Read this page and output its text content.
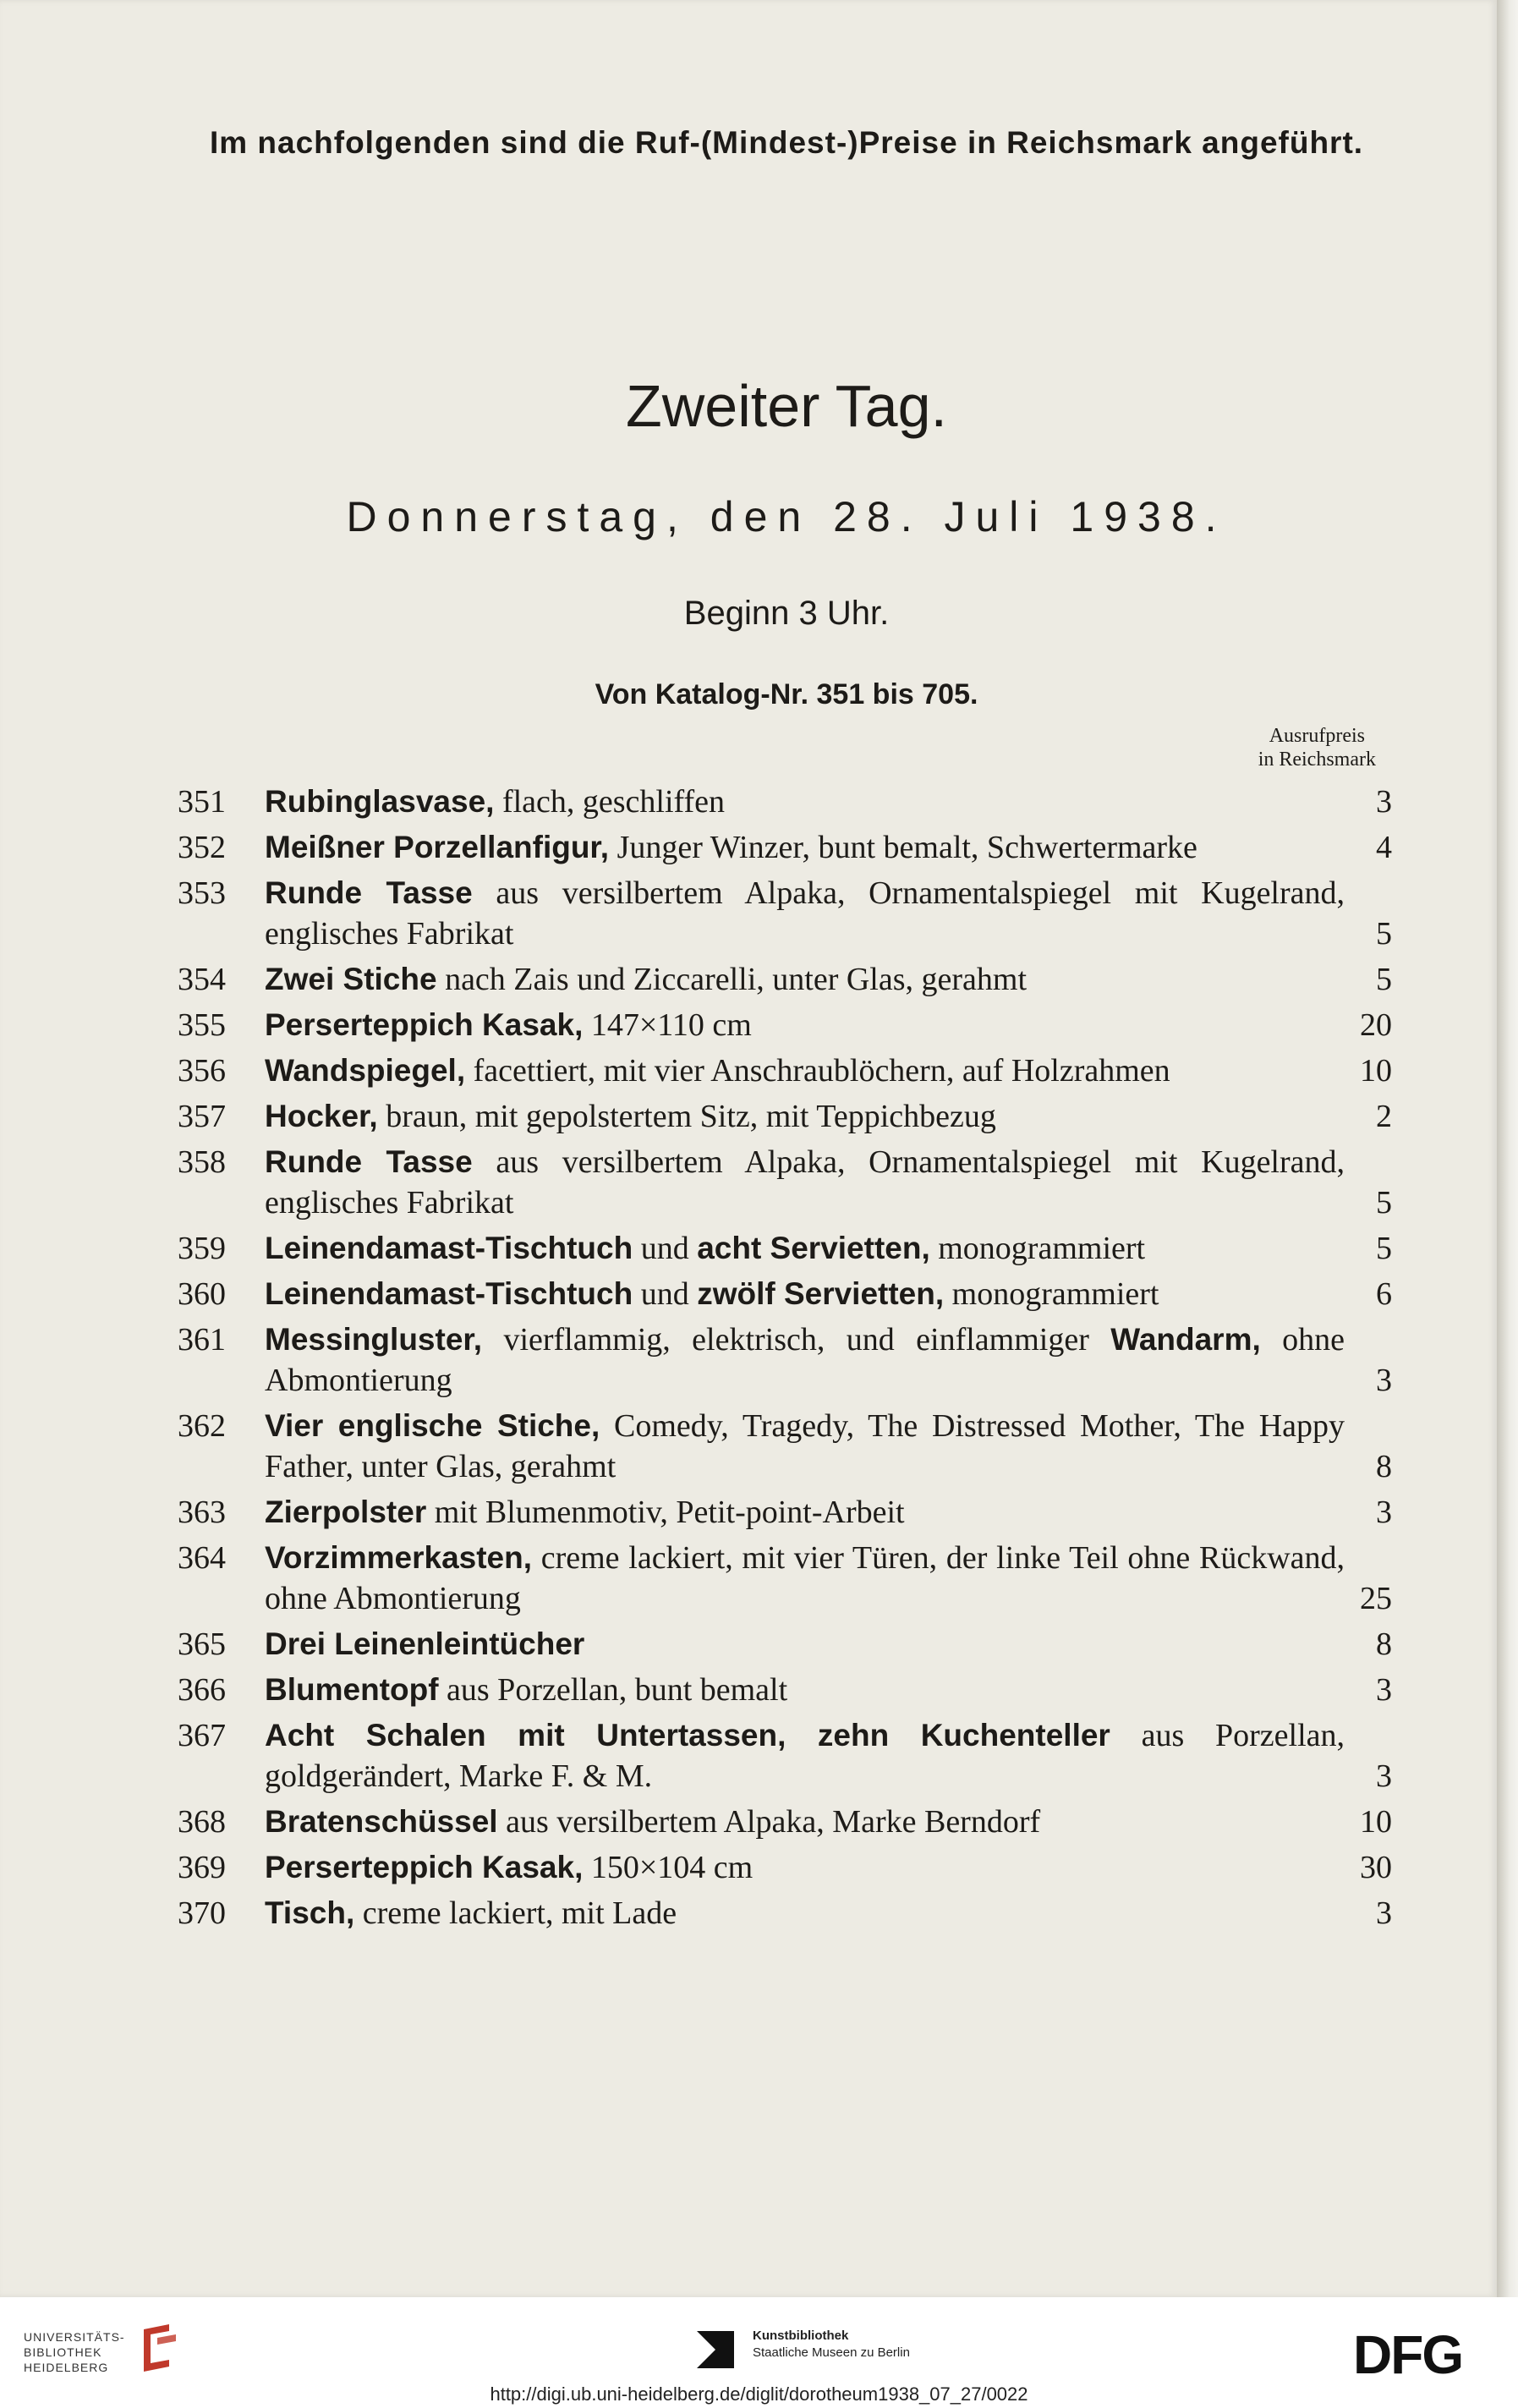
Im nachfolgenden sind die Ruf-(Mindest-)Preise in Reichsmark angeführt.
Zweiter Tag.
Donnerstag, den 28. Juli 1938.
Beginn 3 Uhr.
Von Katalog-Nr. 351 bis 705.
Ausrufpreis
in Reichsmark
351	Rubinglasvase, flach, geschliffen	3
352	Meißner Porzellanfigur, Junger Winzer, bunt bemalt, Schwertermarke	4
353	Runde Tasse aus versilbertem Alpaka, Ornamentalspiegel mit Kugelrand, englisches Fabrikat	5
354	Zwei Stiche nach Zais und Ziccarelli, unter Glas, gerahmt	5
355	Perserteppich Kasak, 147×110 cm	20
356	Wandspiegel, facettiert, mit vier Anschraublöchern, auf Holzrahmen	10
357	Hocker, braun, mit gepolstertem Sitz, mit Teppichbezug	2
358	Runde Tasse aus versilbertem Alpaka, Ornamentalspiegel mit Kugelrand, englisches Fabrikat	5
359	Leinendamast-Tischtuch und acht Servietten, monogrammiert	5
360	Leinendamast-Tischtuch und zwölf Servietten, monogrammiert	6
361	Messingluster, vierflammig, elektrisch, und einflammiger Wandarm, ohne Abmontierung	3
362	Vier englische Stiche, Comedy, Tragedy, The Distressed Mother, The Happy Father, unter Glas, gerahmt	8
363	Zierpolster mit Blumenmotiv, Petit-point-Arbeit	3
364	Vorzimmerkasten, creme lackiert, mit vier Türen, der linke Teil ohne Rückwand, ohne Abmontierung	25
365	Drei Leinenleintücher	8
366	Blumentopf aus Porzellan, bunt bemalt	3
367	Acht Schalen mit Untertassen, zehn Kuchenteller aus Porzellan, goldgerändert, Marke F. & M.	3
368	Bratenschüssel aus versilbertem Alpaka, Marke Berndorf	10
369	Perserteppich Kasak, 150×104 cm	30
370	Tisch, creme lackiert, mit Lade	3
UNIVERSITÄTS-
BIBLIOTHEK
HEIDELBERG
Kunstbibliothek
Staatliche Museen zu Berlin	DFG
http://digi.ub.uni-heidelberg.de/diglit/dorotheum1938_07_27/0022
